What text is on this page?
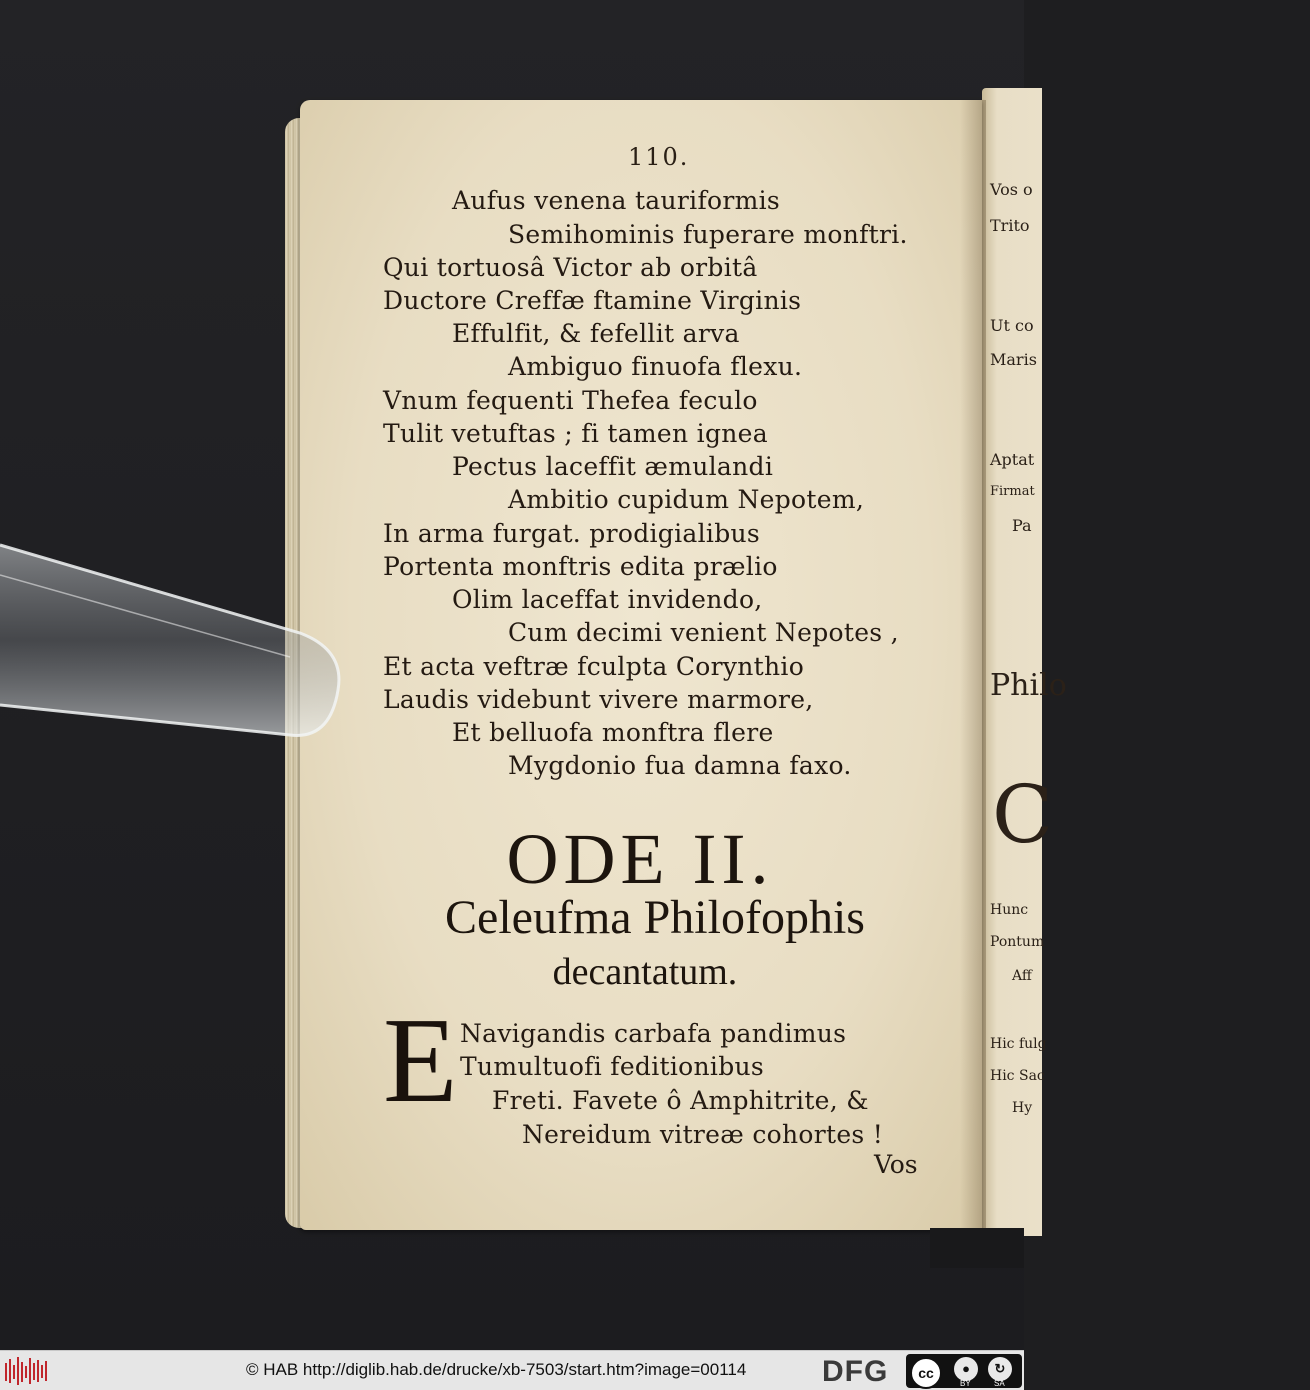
Vos o
Trito
Ut co
Maris
Aptat
Firmat
Pa
Philo
C
Hunc
Pontum
Aff
Hic fulg
Hic Sac
Hy
110.
Aufus venena tauriformis
Semihominis fuperare monftri.
Qui tortuosâ Victor ab orbitâ
Ductore Creffæ ftamine Virginis
Effulfit, & fefellit arva
Ambiguo finuofa flexu.
Vnum fequenti Thefea feculo
Tulit vetuftas ; fi tamen ignea
Pectus laceffit æmulandi
Ambitio cupidum Nepotem,
In arma furgat. prodigialibus
Portenta monftris edita prælio
Olim laceffat invidendo,
Cum decimi venient Nepotes ,
Et acta veftræ fculpta Corynthio
Laudis videbunt vivere marmore,
Et belluofa monftra flere
Mygdonio fua damna faxo.
ODE II.
Celeufma Philofophis
decantatum.
E Navigandis carbafa pandimus
Tumultuofi feditionibus
Freti. Favete ô Amphitrite, &
Nereidum vitreæ cohortes !
Vos
© HAB http://diglib.hab.de/drucke/xb-7503/start.htm?image=00114	DFG	cc	●	↻
BY	SA
